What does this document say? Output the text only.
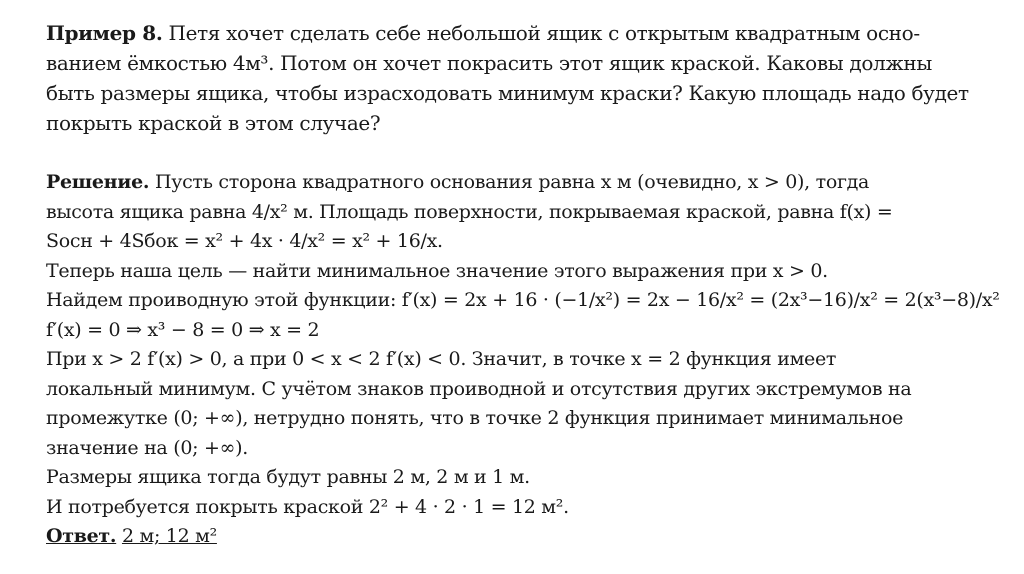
Пример 8. Петя хочет сделать себе небольшой ящик с открытым квадратным осно-
ванием ёмкостью 4м³. Потом он хочет покрасить этот ящик краской. Каковы должны
быть размеры ящика, чтобы израсходовать минимум краски? Какую площадь надо будет
покрыть краской в этом случае?
Решение. Пусть сторона квадратного основания равна x м (очевидно, x > 0), тогда
высота ящика равна 4/x² м. Площадь поверхности, покрываемая краской, равна f(x) =
Sосн + 4Sбок = x² + 4x · 4/x² = x² + 16/x.
Теперь наша цель — найти минимальное значение этого выражения при x > 0.
Найдем проиводную этой функции: f′(x) = 2x + 16 · (−1/x²) = 2x − 16/x² = (2x³−16)/x² = 2(x³−8)/x²
f′(x) = 0 ⇒ x³ − 8 = 0 ⇒ x = 2
При x > 2 f′(x) > 0, а при 0 < x < 2 f′(x) < 0. Значит, в точке x = 2 функция имеет
локальный минимум. С учётом знаков проиводной и отсутствия других экстремумов на
промежутке (0; +∞), нетрудно понять, что в точке 2 функция принимает минимальное
значение на (0; +∞).
Размеры ящика тогда будут равны 2 м, 2 м и 1 м.
И потребуется покрыть краской 2² + 4 · 2 · 1 = 12 м².
Ответ. 2 м; 12 м²
